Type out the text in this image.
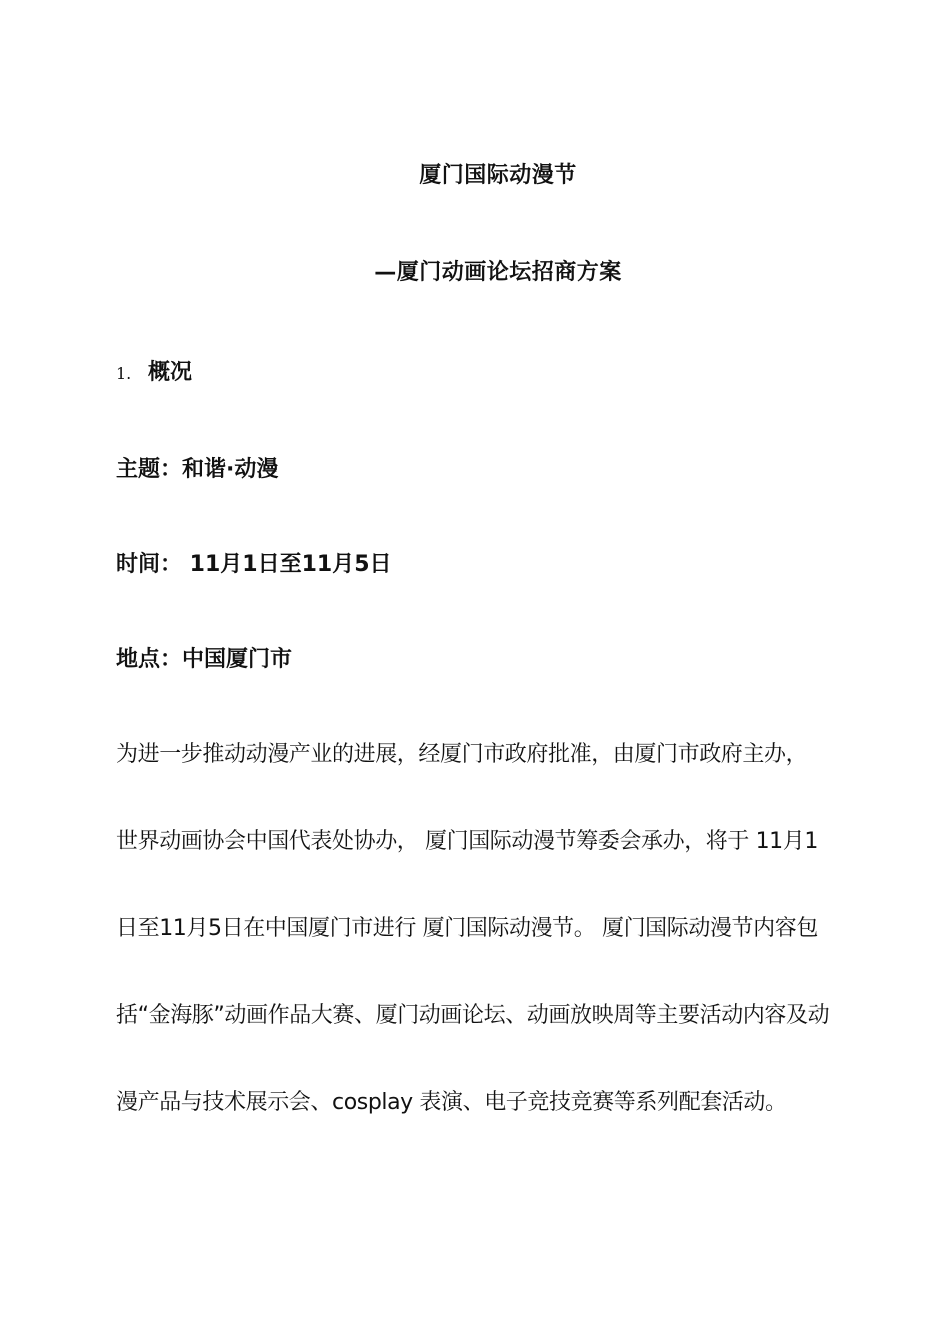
厦门国际动漫节
—厦门动画论坛招商方案
1. 概况
主题：和谐·动漫
时间： 11月1日至11月5日
地点：中国厦门市
为进一步推动动漫产业的进展，经厦门市政府批准，由厦门市政府主办，
世界动画协会中国代表处协办， 厦门国际动漫节筹委会承办，将于 11月1
日至11月5日在中国厦门市进行 厦门国际动漫节。 厦门国际动漫节内容包
括“金海豚”动画作品大赛、厦门动画论坛、动画放映周等主要活动内容及动
漫产品与技术展示会、cosplay 表演、电子竞技竞赛等系列配套活动。
